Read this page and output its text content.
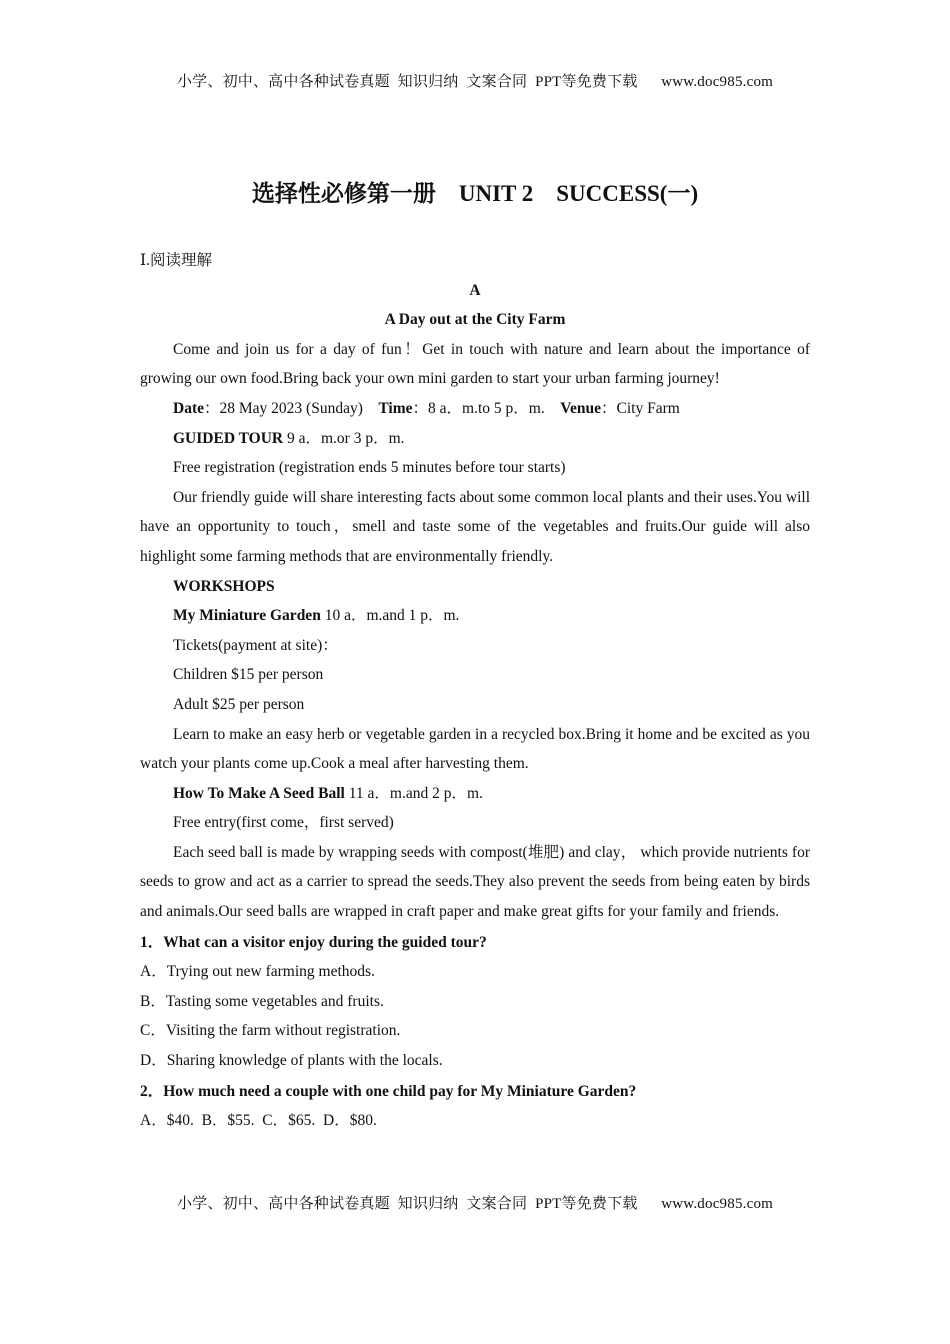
小学、初中、高中各种试卷真题  知识归纳  文案合同  PPT等免费下载      www.doc985.com
选择性必修第一册    UNIT 2    SUCCESS(一)

Ⅰ.阅读理解

A

A Day out at the City Farm

Come and join us for a day of fun！Get in touch with nature and learn about the importance of growing our own food.Bring back your own mini garden to start your urban farming journey!

Date：28 May 2023 (Sunday)    Time：8 a．m.to 5 p．m.    Venue：City Farm

GUIDED TOUR 9 a．m.or 3 p．m.

Free registration (registration ends 5 minutes before tour starts)

Our friendly guide will share interesting facts about some common local plants and their uses.You will have an opportunity to touch，smell and taste some of the vegetables and fruits.Our guide will also highlight some farming methods that are environmentally friendly.

WORKSHOPS

My Miniature Garden 10 a．m.and 1 p．m.

Tickets(payment at site)：

Children $15 per person

Adult $25 per person

Learn to make an easy herb or vegetable garden in a recycled box.Bring it home and be excited as you watch your plants come up.Cook a meal after harvesting them.

How To Make A Seed Ball 11 a．m.and 2 p．m.

Free entry(first come，first served)

Each seed ball is made by wrapping seeds with compost(堆肥) and clay， which provide nutrients for seeds to grow and act as a carrier to spread the seeds.They also prevent the seeds from being eaten by birds and animals.Our seed balls are wrapped in craft paper and make great gifts for your family and friends.

1．What can a visitor enjoy during the guided tour?

A．Trying out new farming methods.

B．Tasting some vegetables and fruits.

C．Visiting the farm without registration.

D．Sharing knowledge of plants with the locals.

2．How much need a couple with one child pay for My Miniature Garden?

A．$40.  B．$55.  C．$65.  D．$80.

小学、初中、高中各种试卷真题  知识归纳  文案合同  PPT等免费下载      www.doc985.com
